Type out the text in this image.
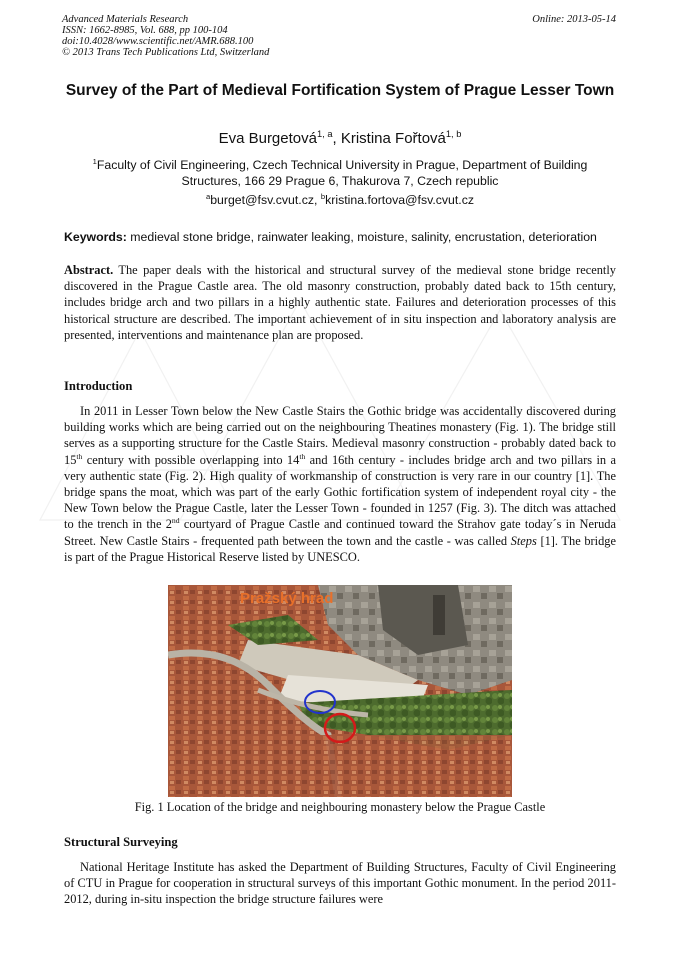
Advanced Materials Research
ISSN: 1662-8985, Vol. 688, pp 100-104
doi:10.4028/www.scientific.net/AMR.688.100
© 2013 Trans Tech Publications Ltd, Switzerland
Online: 2013-05-14
Survey of the Part of Medieval Fortification System of Prague Lesser Town
Eva Burgetová$^{1, a}$, Kristina Fořtová$^{1, b}$
$^1$Faculty of Civil Engineering, Czech Technical University in Prague, Department of Building Structures, 166 29 Prague 6, Thakurova 7, Czech republic
$^a$burget@fsv.cvut.cz, $^b$kristina.fortova@fsv.cvut.cz
Keywords: medieval stone bridge, rainwater leaking, moisture, salinity, encrustation, deterioration
Abstract. The paper deals with the historical and structural survey of the medieval stone bridge recently discovered in the Prague Castle area. The old masonry construction, probably dated back to 15th century, includes bridge arch and two pillars in a highly authentic state. Failures and deterioration processes of this historical structure are described. The important achievement of in situ inspection and laboratory analysis are presented, interventions and maintenance plan are proposed.
Introduction
In 2011 in Lesser Town below the New Castle Stairs the Gothic bridge was accidentally discovered during building works which are being carried out on the neighbouring Theatines monastery (Fig. 1). The bridge still serves as a supporting structure for the Castle Stairs. Medieval masonry construction - probably dated back to 15th century with possible overlapping into 14th and 16th century - includes bridge arch and two pillars in a very authentic state (Fig. 2). High quality of workmanship of construction is very rare in our country [1]. The bridge spans the moat, which was part of the early Gothic fortification system of independent royal city - the New Town below the Prague Castle, later the Lesser Town - founded in 1257 (Fig. 3). The ditch was attached to the trench in the 2nd courtyard of Prague Castle and continued toward the Strahov gate today´s in Neruda Street. New Castle Stairs - frequented path between the town and the castle - was called Steps [1]. The bridge is part of the Prague Historical Reserve listed by UNESCO.
Pražský hrad
Fig. 1 Location of the bridge and neighbouring monastery below the Prague Castle
Structural Surveying
National Heritage Institute has asked the Department of Building Structures, Faculty of Civil Engineering of CTU in Prague for cooperation in structural surveys of this important Gothic monument. In the period 2011-2012, during in-situ inspection the bridge structure failures were
